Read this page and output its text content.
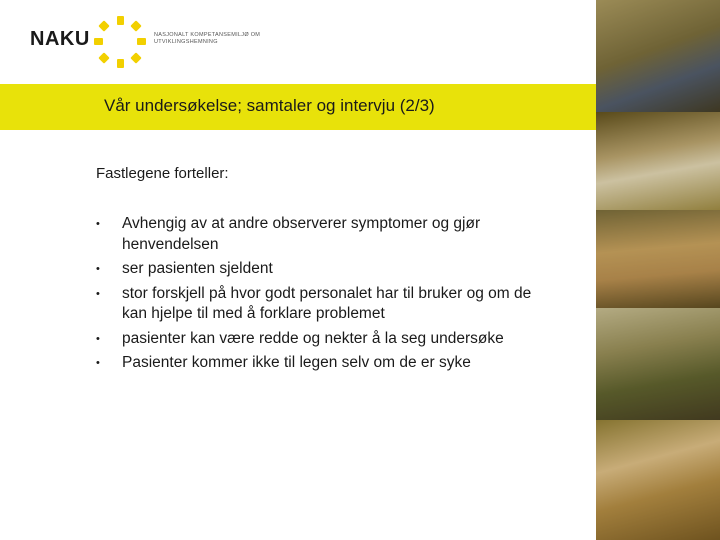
NAKU	NASJONALT KOMPETANSEMILJØ OM UTVIKLINGSHEMNING
Vår undersøkelse; samtaler og intervju (2/3)
Fastlegene forteller:
• Avhengig av at andre observerer symptomer og gjør henvendelsen
• ser pasienten sjeldent
• stor forskjell på hvor godt personalet har til bruker og om de kan hjelpe til med å forklare problemet
• pasienter kan være redde og nekter å la seg undersøke
• Pasienter kommer ikke til legen selv om de er syke
